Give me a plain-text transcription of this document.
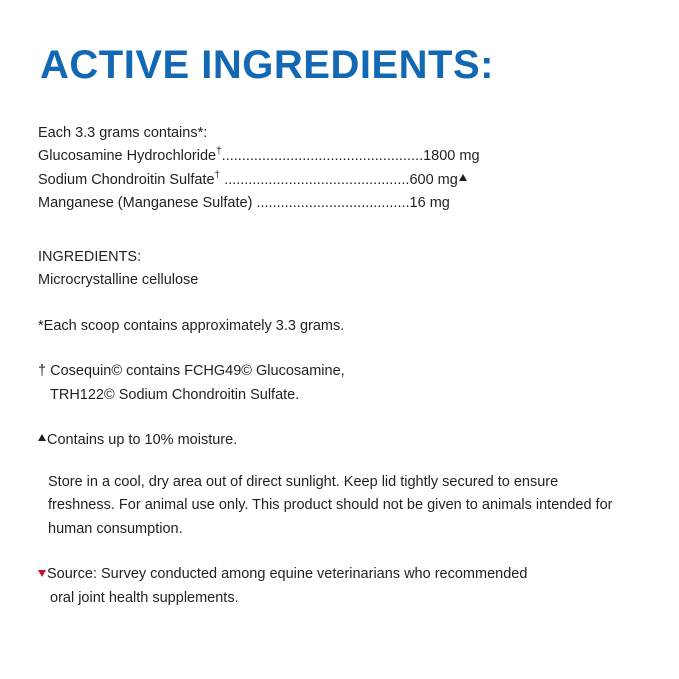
ACTIVE INGREDIENTS:
Each 3.3 grams contains*:
Glucosamine Hydrochloride†..................................................1800 mg
Sodium Chondroitin Sulfate† ..............................................600 mg
Manganese (Manganese Sulfate) ......................................16 mg
INGREDIENTS:
Microcrystalline cellulose
*Each scoop contains approximately 3.3 grams.
† Cosequin© contains FCHG49© Glucosamine,
TRH122© Sodium Chondroitin Sulfate.
Contains up to 10% moisture.
Store in a cool, dry area out of direct sunlight. Keep lid tightly secured to ensure freshness. For animal use only. This product should not be given to animals intended for human consumption.
Source: Survey conducted among equine veterinarians who recommended
oral joint health supplements.
